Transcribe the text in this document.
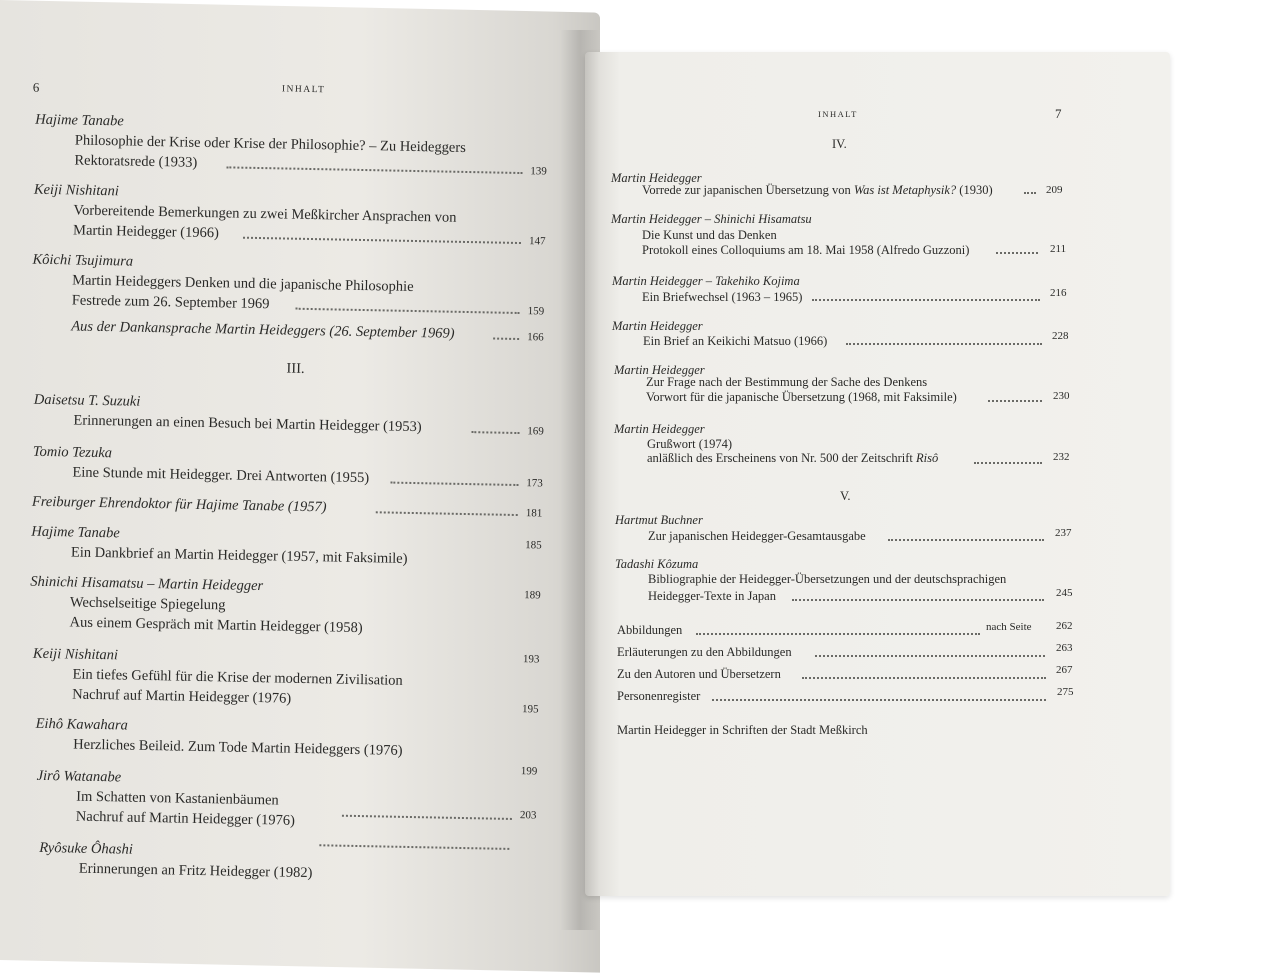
6	INHALT
Hajime Tanabe
Philosophie der Krise oder Krise der Philosophie? – Zu Heideggers
Rektoratsrede (1933)
139
Keiji Nishitani
Vorbereitende Bemerkungen zu zwei Meßkircher Ansprachen von
Martin Heidegger (1966)
147
Kôichi Tsujimura
Martin Heideggers Denken und die japanische Philosophie
Festrede zum 26. September 1969	159
Aus der Dankansprache Martin Heideggers (26. September 1969)	166
III.
Daisetsu T. Suzuki
Erinnerungen an einen Besuch bei Martin Heidegger (1953)	169
Tomio Tezuka
Eine Stunde mit Heidegger. Drei Antworten (1955)	173
Freiburger Ehrendoktor für Hajime Tanabe (1957)	181
Hajime Tanabe
Ein Dankbrief an Martin Heidegger (1957, mit Faksimile)	185
Shinichi Hisamatsu – Martin Heidegger
Wechselseitige Spiegelung
Aus einem Gespräch mit Martin Heidegger (1958)
189
Keiji Nishitani
Ein tiefes Gefühl für die Krise der modernen Zivilisation
Nachruf auf Martin Heidegger (1976)
193
Eihô Kawahara
Herzliches Beileid. Zum Tode Martin Heideggers (1976)
195
Jirô Watanabe
Im Schatten von Kastanienbäumen
Nachruf auf Martin Heidegger (1976)
199
Ryôsuke Ôhashi
Erinnerungen an Fritz Heidegger (1982)
203
INHALT	7
IV.
Martin Heidegger
Vorrede zur japanischen Übersetzung von Was ist Metaphysik? (1930)	209
Martin Heidegger – Shinichi Hisamatsu
Die Kunst und das Denken
Protokoll eines Colloquiums am 18. Mai 1958 (Alfredo Guzzoni)	211
Martin Heidegger – Takehiko Kojima
Ein Briefwechsel (1963 – 1965)	216
Martin Heidegger
Ein Brief an Keikichi Matsuo (1966)	228
Martin Heidegger
Zur Frage nach der Bestimmung der Sache des Denkens
Vorwort für die japanische Übersetzung (1968, mit Faksimile)	230
Martin Heidegger
Grußwort (1974)
anläßlich des Erscheinens von Nr. 500 der Zeitschrift Risô	232
V.
Hartmut Buchner
Zur japanischen Heidegger-Gesamtausgabe	237
Tadashi Kôzuma
Bibliographie der Heidegger-Übersetzungen und der deutschsprachigen
Heidegger-Texte in Japan	245
Abbildungen	nach Seite 262
Erläuterungen zu den Abbildungen	263
Zu den Autoren und Übersetzern	267
Personenregister	275
Martin Heidegger in Schriften der Stadt Meßkirch
